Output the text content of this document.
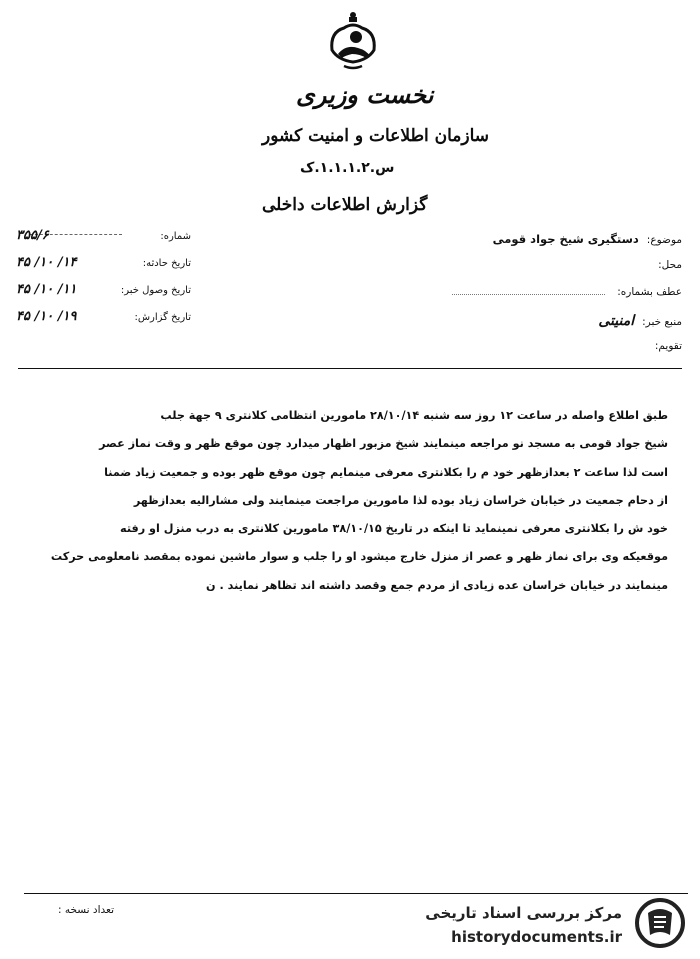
نخست وزیری
سازمان اطلاعات و امنیت کشور
س.۱.۱.۱.۲.ک
گزارش اطلاعات داخلی
شماره:
۳۵۵/۶
تاریخ حادثه:
۱۴/ ۱۰/ ۴۵
تاریخ وصول خبر:
۱۱/ ۱۰/ ۴۵
تاریخ گزارش:
۱۹/ ۱۰/ ۴۵
موضوع:
دستگیری شیخ جواد قومی
محل:
عطف بشماره:
منبع خبر:
امنیتی
تقویم:

طبق اطلاع واصله در ساعت ۱۲ روز سه شنبه ۲۸/۱۰/۱۴ مامورین انتظامی کلانتری ۹ جهة جلب

شیخ جواد قومی به مسجد نو مراجعه مینمایند شیخ مزبور اظهار میدارد چون موقع ظهر و وقت نماز عصر

است لذا ساعت ۲ بعدازظهر خود م را بکلانتری معرفی مینمایم چون موقع ظهر بوده و جمعیت زیاد ضمنا

از دحام جمعیت در خیابان خراسان زیاد بوده لذا مامورین مراجعت مینمایند ولی مشارالیه بعدازظهر

خود ش را بکلانتری معرفی نمینماید تا اینکه در تاریخ ۳۸/۱۰/۱۵ مامورین کلانتری به درب منزل او رفته

موقعیکه وی برای نماز ظهر و عصر از منزل خارج میشود او را جلب و سوار ماشین نموده بمقصد نامعلومی حرکت

مینمایند در خیابان خراسان عده زیادی از مردم جمع وقصد داشته اند تظاهر نمایند . ن

تعداد نسخه :	مرکز بررسی اسناد تاریخی
historydocuments.ir
